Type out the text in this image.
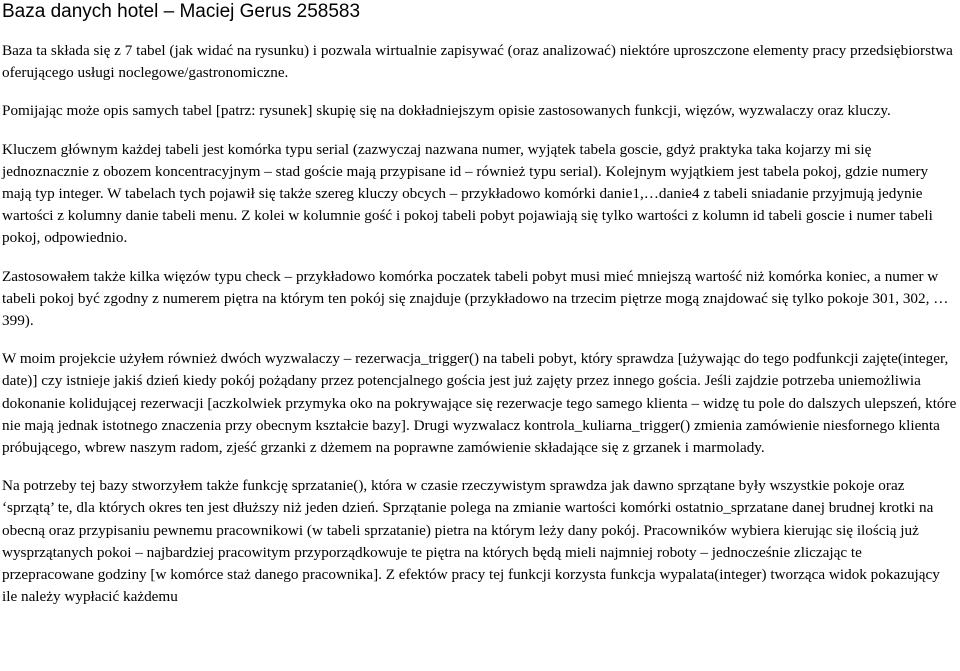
Baza danych hotel – Maciej Gerus 258583

Baza ta składa się z 7 tabel (jak widać na rysunku) i pozwala wirtualnie zapisywać (oraz analizować) niektóre uproszczone elementy pracy przedsiębiorstwa oferującego usługi noclegowe/gastronomiczne.

Pomijając może opis samych tabel [patrz: rysunek] skupię się na dokładniejszym opisie zastosowanych funkcji, więzów, wyzwalaczy oraz kluczy.

Kluczem głównym każdej tabeli jest komórka typu serial (zazwyczaj nazwana numer, wyjątek tabela goscie, gdyż praktyka taka kojarzy mi się jednoznacznie z obozem koncentracyjnym – stad goście mają przypisane id – również typu serial). Kolejnym wyjątkiem jest tabela pokoj, gdzie numery mają typ integer. W tabelach tych pojawił się także szereg kluczy obcych – przykładowo komórki danie1,…danie4 z tabeli sniadanie przyjmują jedynie wartości z kolumny danie tabeli menu. Z kolei w kolumnie gość i pokoj tabeli pobyt pojawiają się tylko wartości z kolumn id tabeli goscie i numer tabeli pokoj, odpowiednio.

Zastosowałem także kilka więzów typu check – przykładowo komórka poczatek tabeli pobyt musi mieć mniejszą wartość niż komórka koniec, a numer w tabeli pokoj być zgodny z numerem piętra na którym ten pokój się znajduje (przykładowo na trzecim piętrze mogą znajdować się tylko pokoje 301, 302, … 399).

W moim projekcie użyłem również dwóch wyzwalaczy – rezerwacja_trigger() na tabeli pobyt, który sprawdza [używając do tego podfunkcji zajęte(integer, date)] czy istnieje jakiś dzień kiedy pokój pożądany przez potencjalnego gościa jest już zajęty przez innego gościa. Jeśli zajdzie potrzeba uniemożliwia dokonanie kolidującej rezerwacji [aczkolwiek przymyka oko na pokrywające się rezerwacje tego samego klienta – widzę tu pole do dalszych ulepszeń, które nie mają jednak istotnego znaczenia przy obecnym kształcie bazy]. Drugi wyzwalacz kontrola_kuliarna_trigger() zmienia zamówienie niesfornego klienta próbującego, wbrew naszym radom, zjeść grzanki z dżemem na poprawne zamówienie składające się z grzanek i marmolady.

Na potrzeby tej bazy stworzyłem także funkcję sprzatanie(), która w czasie rzeczywistym sprawdza jak dawno sprzątane były wszystkie pokoje oraz ‘sprzątą’ te, dla których okres ten jest dłuższy niż jeden dzień. Sprzątanie polega na zmianie wartości komórki ostatnio_sprzatane danej brudnej krotki na obecną oraz przypisaniu pewnemu pracownikowi (w tabeli sprzatanie) pietra na którym leży dany pokój. Pracowników wybiera kierując się ilością już wysprzątanych pokoi – najbardziej pracowitym przyporządkowuje te piętra na których będą mieli najmniej roboty – jednocześnie zliczając te przepracowane godziny [w komórce staż danego pracownika]. Z efektów pracy tej funkcji korzysta funkcja wypalata(integer) tworząca widok pokazujący ile należy wypłacić każdemu
